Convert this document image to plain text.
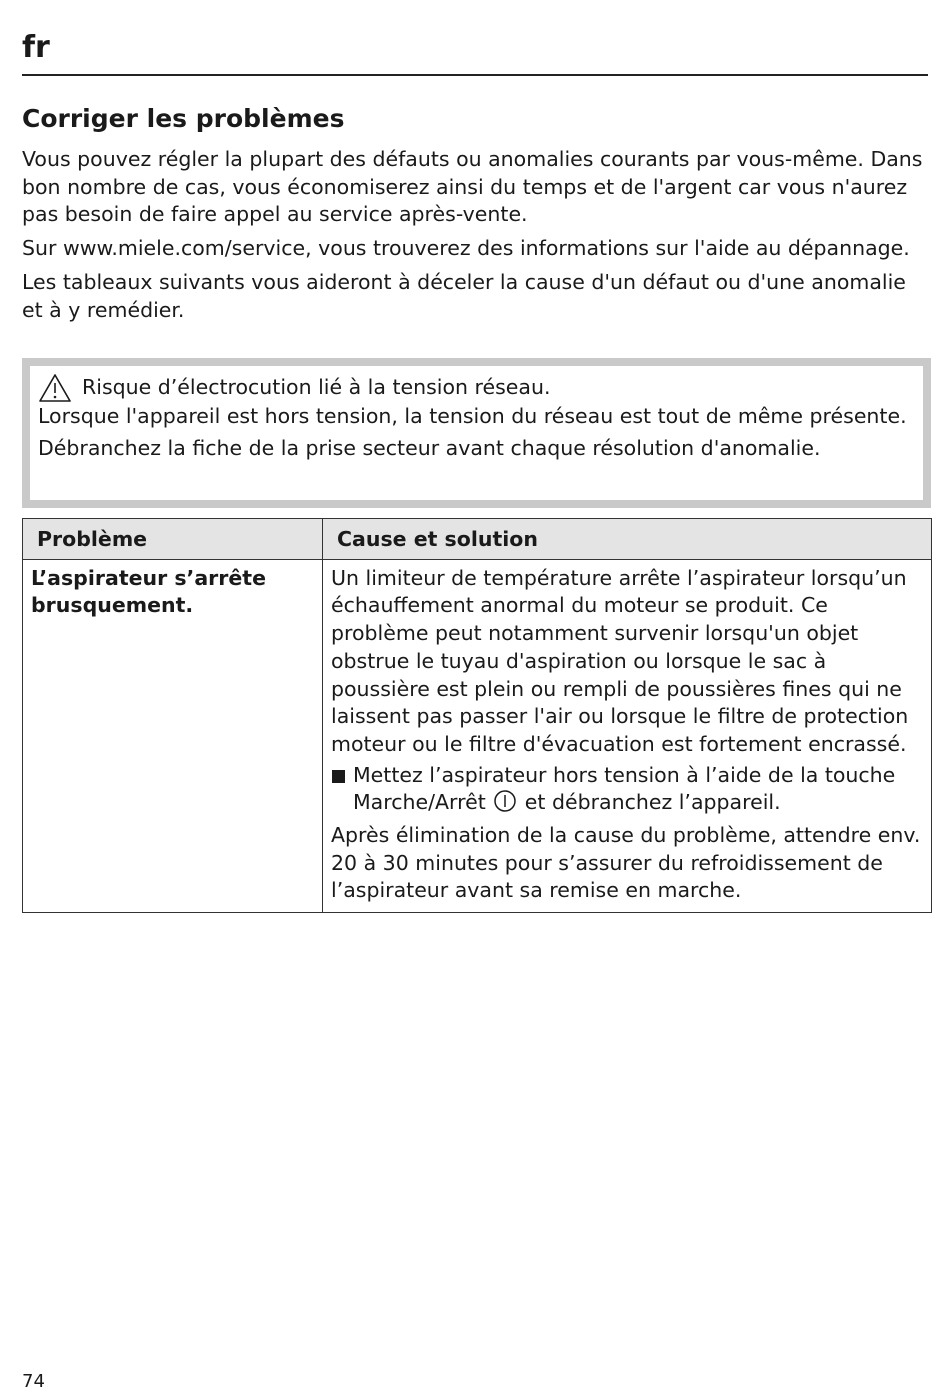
fr
Corriger les problèmes

Vous pouvez régler la plupart des défauts ou anomalies courants par vous-même. Dans bon nombre de cas, vous économiserez ainsi du temps et de l'argent car vous n'aurez pas besoin de faire appel au service après-vente.

Sur www.miele.com/service, vous trouverez des informations sur l'aide au dépannage.

Les tableaux suivants vous aideront à déceler la cause d'un défaut ou d'une anomalie et à y remédier.

Risque d’électrocution lié à la tension réseau.

Lorsque l'appareil est hors tension, la tension du réseau est tout de même présente.

Débranchez la fiche de la prise secteur avant chaque résolution d'anomalie.

Problème	Cause et solution
L’aspirateur s’arrête brusquement.	Un limiteur de température arrête l’aspirateur lorsqu’un échauffement anormal du moteur se produit. Ce problème peut notamment survenir lorsqu'un objet obstrue le tuyau d'aspiration ou lorsque le sac à poussière est plein ou rempli de poussières fines qui ne laissent pas passer l'air ou lorsque le filtre de protection moteur ou le filtre d'évacuation est fortement encrassé.

Mettez l’aspirateur hors tension à l’aide de la touche Marche/Arrêt et débranchez l’appareil.

Après élimination de la cause du problème, attendre env. 20 à 30 minutes pour s’assurer du refroidissement de l’aspirateur avant sa remise en marche.

74
